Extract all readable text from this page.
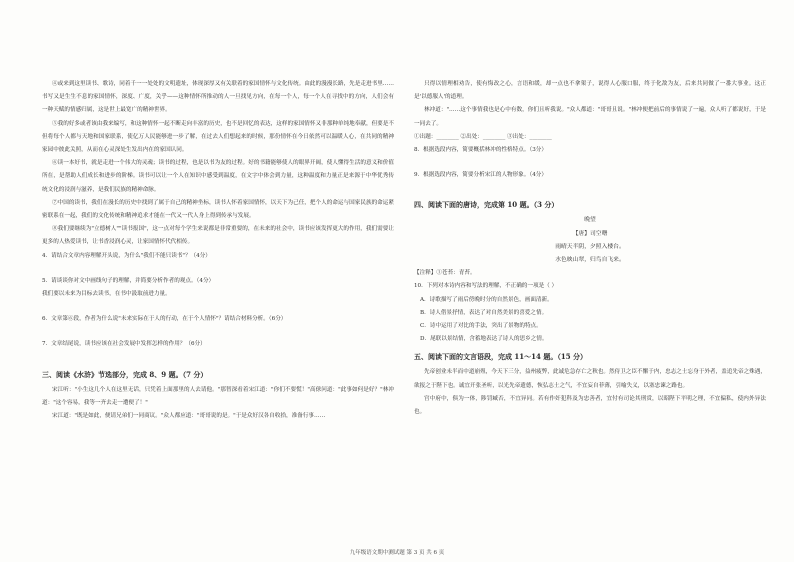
④或来到这里读书、歌诗，同着千一一处处的文明遗址，体现深厚又有关联着的家国情怀与文化传统。由此的漫漫长路，先是走进书里……书写又是生生不息的家国情怀，深度、广度，关乎——这种情怀所推动的人一旦找见方向，在每一个人，每一个人在寻找中的方向，人们会有一种天赋的情感归属，这是世上最宽广的精神世界。

⑤我的好多或者该由我来编写，和这种情怀一起不断走向丰富的历史，也不是回忆的表达，这样的家国情怀又非那种单纯地奉献，但要是不但将每个人都与天地和国家联系，使亿万人民能够进一步了解，在过去人们想起来的时候，那份情怀在今日依然可以温暖人心，在共同的精神家园中彼此关照，从而在心灵深处生发出内在的家国认同。

⑥读一本好书，就是走进一个伟大的灵魂；读书的过程，也是以书为友的过程。好的书籍能够使人的眼界开阔，使人懂得生活的意义和价值所在，是帮助人们成长和进步的阶梯。读书可以让一个人在知识中感受到温度，在文字中体会到力量，这种温度和力量正是来源于中华优秀传统文化的浸润与滋养，是我们民族的精神命脉。

⑦中国的读书，我们在漫长的历史中找到了属于自己的精神坐标，读书人怀着家国情怀，以天下为己任，把个人的命运与国家民族的命运紧密联系在一起，我们的文化传统和精神追求才能在一代又一代人身上得到传承与发展。

⑧我们要继续为"立德树人""读书报国"，这一点对每个学生来说都是非常重要的，在未来的社会中，读书应该发挥更大的作用，我们需要让更多的人热爱读书，让书香浸润心灵，让家国情怀代代相传。

4．请结合文章内容理解开头说，为什么"我们不能只读书"？（4分）

5．请谈谈你对文中画线句子的理解，并简要分析作者的观点。（4分）

我们要以未来为目标去读书，在书中汲取前进力量。

6．文章第⑥段，作者为什么说"未来实际在于人的行动，在于个人情怀"？请结合材料分析。（6分）

7．文章结尾说，读书应该在社会发展中发挥怎样的作用？（6分）

三、阅读《水浒》节选部分，完成 8、9 题。（7 分）

宋江听："小生这几个人在这里无话，只凭着上面那里的人去请他。"那智深看着宋江道："你们不要慌！"高俅问道："此事如何是好？"林冲道："这个容易，我等一齐去走一遭便了！"

宋江道："既是如此，便请兄弟们一同商议。"众人都应道："哥哥说的是。"于是众好汉各自收拾，准备行事……

只得以情理相劝告，使有悔改之心，言语和缓，却一点也不拿架子，说得人心服口服，终于化敌为友，后来共同做了一番大事业。这正是'以德服人'的道理。

林冲道："……这个事情我也是心中有数，你们且听我说。"众人都道："哥哥且说。"林冲便把前后的事情说了一遍，众人听了都说好，于是一同去了。

①出题：________ ②出处：________ ③出处：________

8．根据选段内容，简要概括林冲的性格特点。（3分）

9．根据选段内容，简要分析宋江的人物形象。（4分）

四、阅读下面的唐诗，完成第 10 题。（3 分）

晚望

【唐】司空曙

雨晴天半阴，夕照入楼台。

水色映山翠，归鸟自飞来。

【注释】①苍苔：青苔。

10．下列对本诗内容和写法的理解，不正确的一项是（ ）

A．诗歌描写了雨后傍晚时分的自然景色，画面清新。

B．诗人借景抒情，表达了对自然美景的喜爱之情。

C．诗中运用了对比的手法，突出了景物的特点。

D．尾联以景结情，含蓄地表达了诗人的思乡之情。

五、阅读下面的文言语段，完成 11～14 题。（15 分）

先帝创业未半而中道崩殂，今天下三分，益州疲弊，此诚危急存亡之秋也。然侍卫之臣不懈于内，忠志之士忘身于外者，盖追先帝之殊遇，欲报之于陛下也。诚宜开张圣听，以光先帝遗德，恢弘志士之气，不宜妄自菲薄，引喻失义，以塞忠谏之路也。

宫中府中，俱为一体，陟罚臧否，不宜异同。若有作奸犯科及为忠善者，宜付有司论其刑赏，以昭陛下平明之理，不宜偏私，使内外异法也。

九年级语文期中测试题 第 3 页 共 6 页
